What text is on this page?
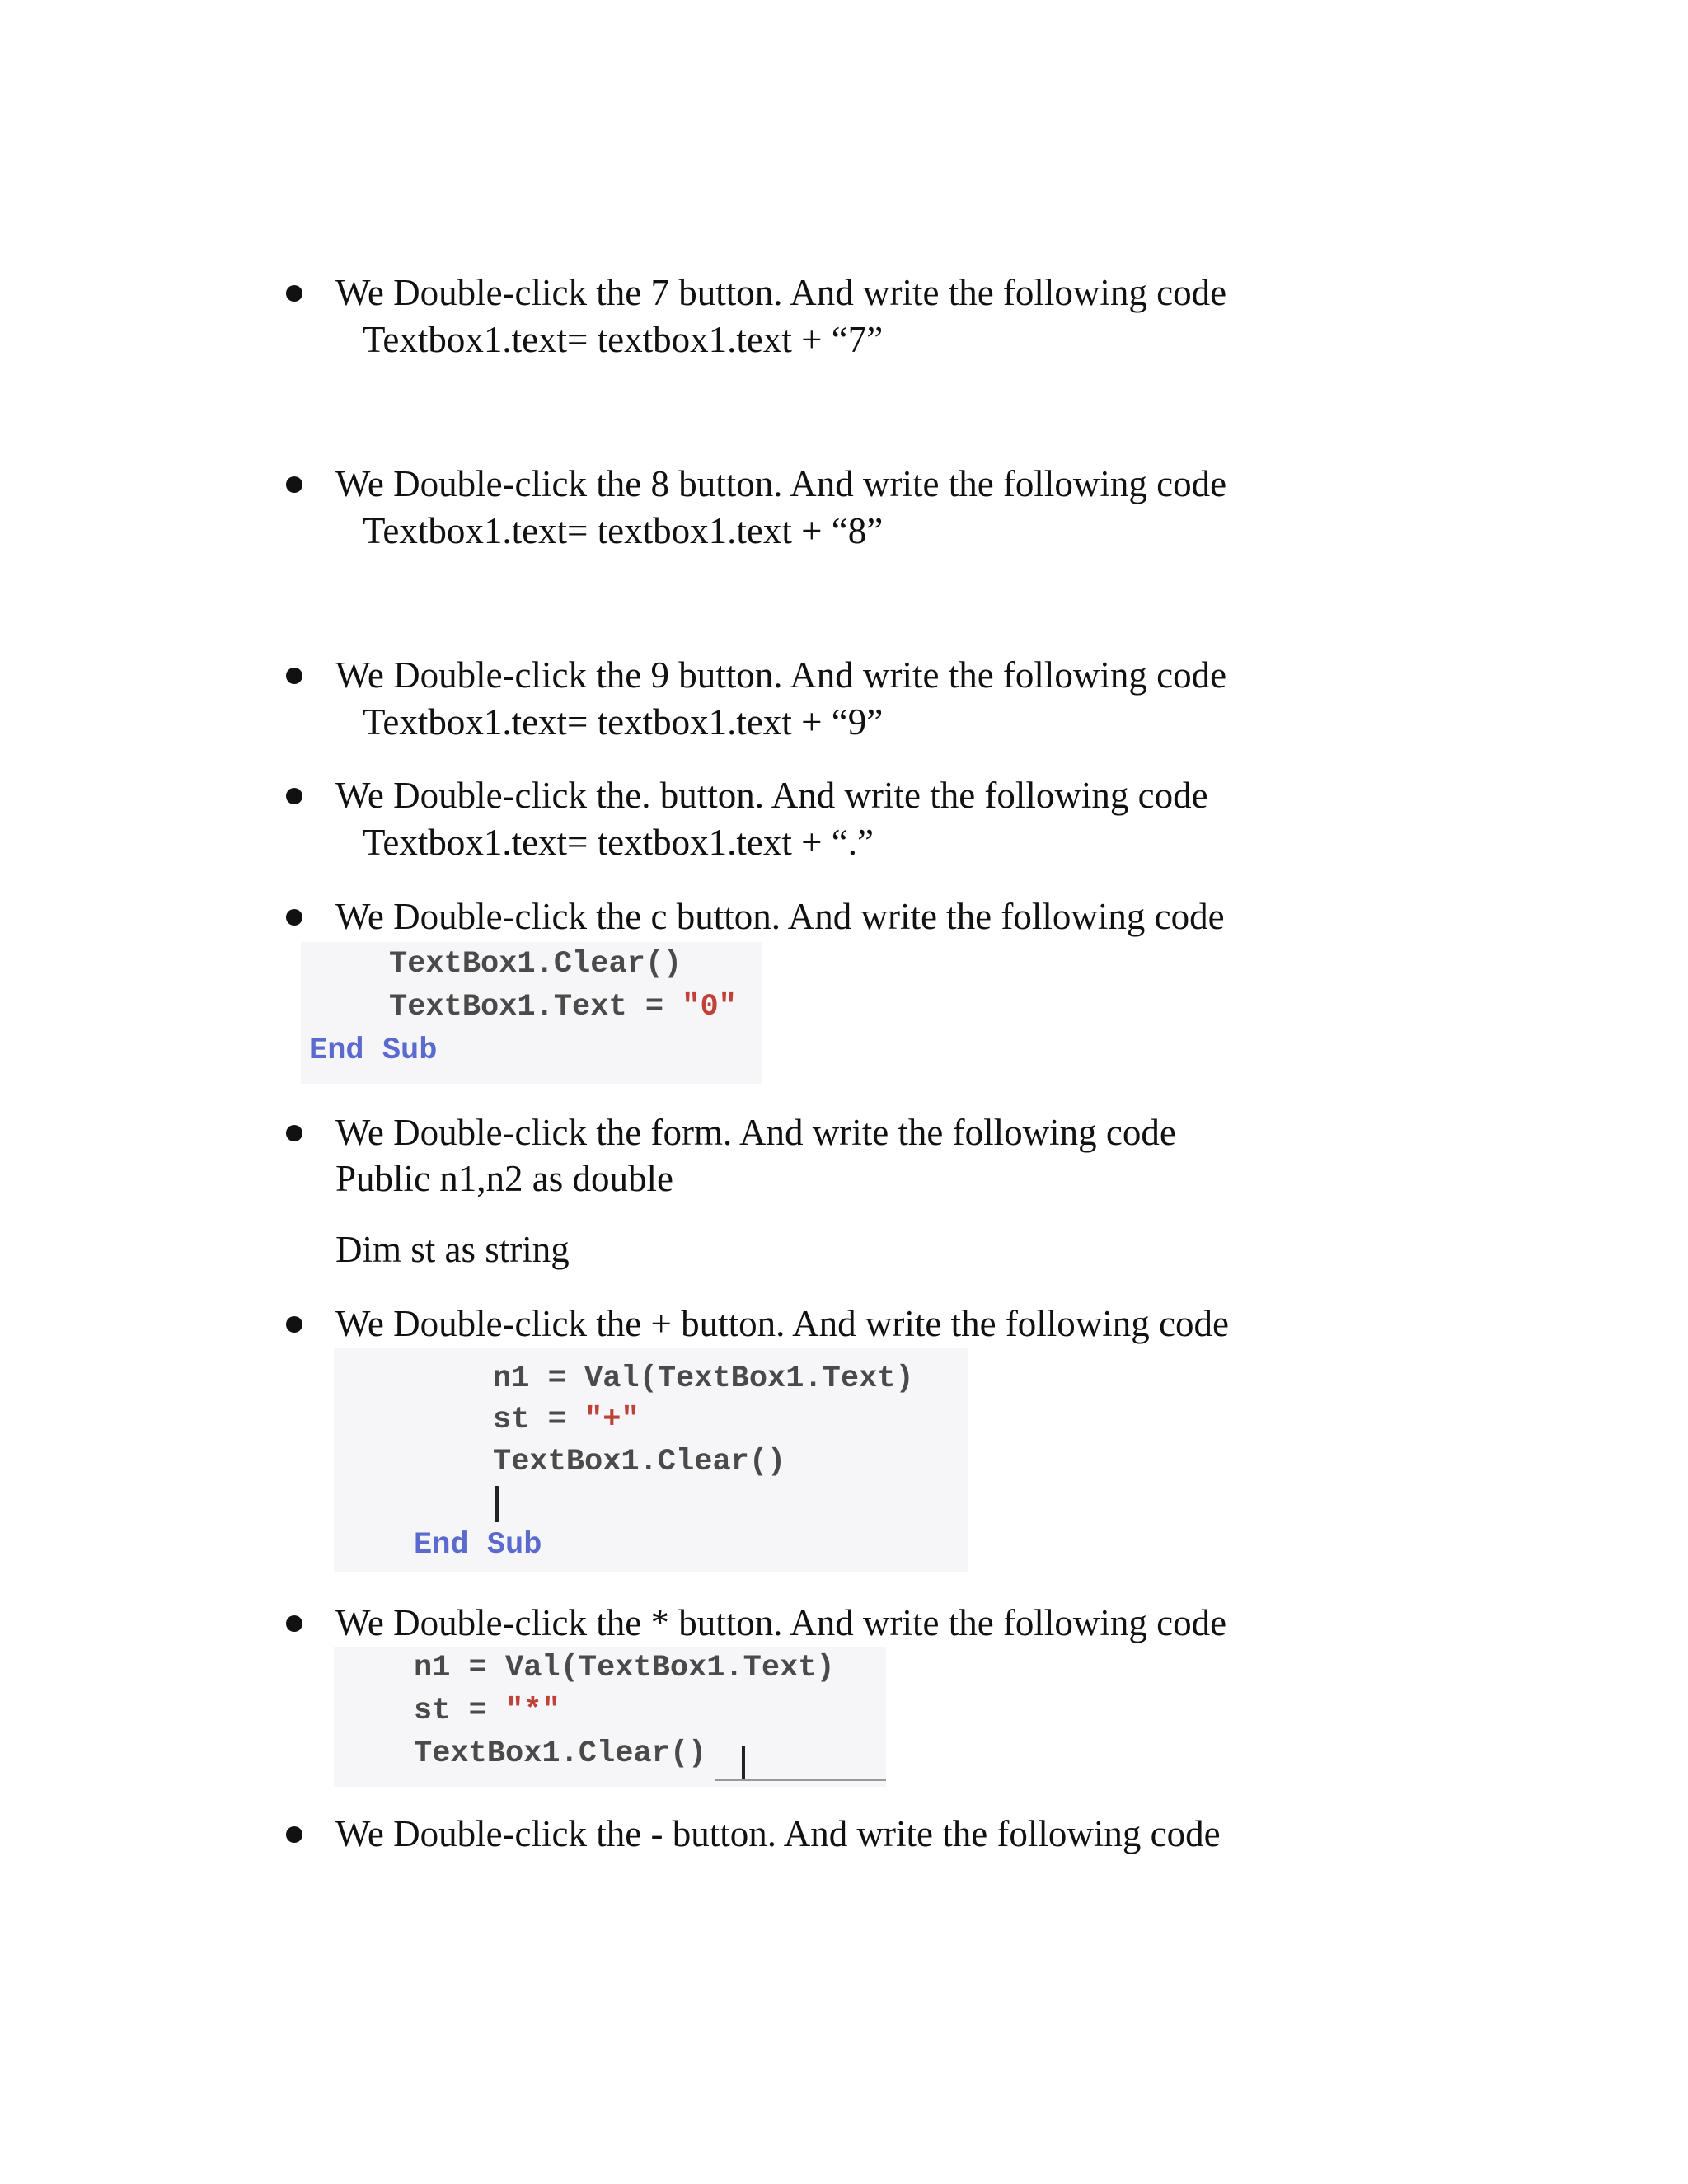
We Double-click the 7 button. And write the following code
Textbox1.text= textbox1.text + “7”
We Double-click the 8 button. And write the following code
Textbox1.text= textbox1.text + “8”
We Double-click the 9 button. And write the following code
Textbox1.text= textbox1.text + “9”
We Double-click the. button. And write the following code
Textbox1.text= textbox1.text + “.”
We Double-click the c button. And write the following code
TextBox1.Clear()
TextBox1.Text = "0"
End Sub
We Double-click the form. And write the following code
Public n1,n2 as double
Dim st as string
We Double-click the + button. And write the following code
n1 = Val(TextBox1.Text)
st = "+"
TextBox1.Clear()
End Sub
We Double-click the * button. And write the following code
n1 = Val(TextBox1.Text)
st = "*"
TextBox1.Clear()
We Double-click the - button. And write the following code
